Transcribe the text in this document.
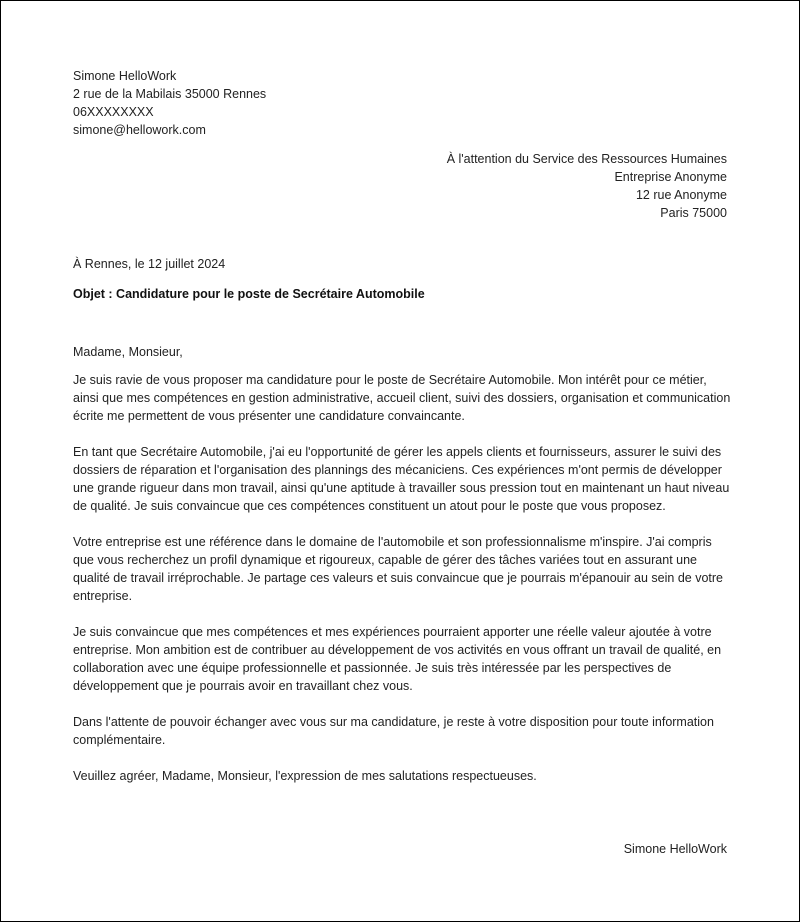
Simone HelloWork
2 rue de la Mabilais 35000 Rennes
06XXXXXXXX
simone@hellowork.com
À l'attention du Service des Ressources Humaines
Entreprise Anonyme
12 rue Anonyme
Paris 75000
À Rennes, le 12 juillet 2024
Objet : Candidature pour le poste de Secrétaire Automobile

Madame, Monsieur,

Je suis ravie de vous proposer ma candidature pour le poste de Secrétaire Automobile. Mon intérêt pour ce métier, ainsi que mes compétences en gestion administrative, accueil client, suivi des dossiers, organisation et communication écrite me permettent de vous présenter une candidature convaincante.

En tant que Secrétaire Automobile, j'ai eu l'opportunité de gérer les appels clients et fournisseurs, assurer le suivi des dossiers de réparation et l'organisation des plannings des mécaniciens. Ces expériences m'ont permis de développer une grande rigueur dans mon travail, ainsi qu'une aptitude à travailler sous pression tout en maintenant un haut niveau de qualité. Je suis convaincue que ces compétences constituent un atout pour le poste que vous proposez.

Votre entreprise est une référence dans le domaine de l'automobile et son professionnalisme m'inspire. J'ai compris que vous recherchez un profil dynamique et rigoureux, capable de gérer des tâches variées tout en assurant une qualité de travail irréprochable. Je partage ces valeurs et suis convaincue que je pourrais m'épanouir au sein de votre entreprise.

Je suis convaincue que mes compétences et mes expériences pourraient apporter une réelle valeur ajoutée à votre entreprise. Mon ambition est de contribuer au développement de vos activités en vous offrant un travail de qualité, en collaboration avec une équipe professionnelle et passionnée. Je suis très intéressée par les perspectives de développement que je pourrais avoir en travaillant chez vous.

Dans l'attente de pouvoir échanger avec vous sur ma candidature, je reste à votre disposition pour toute information complémentaire.

Veuillez agréer, Madame, Monsieur, l'expression de mes salutations respectueuses.

Simone HelloWork
